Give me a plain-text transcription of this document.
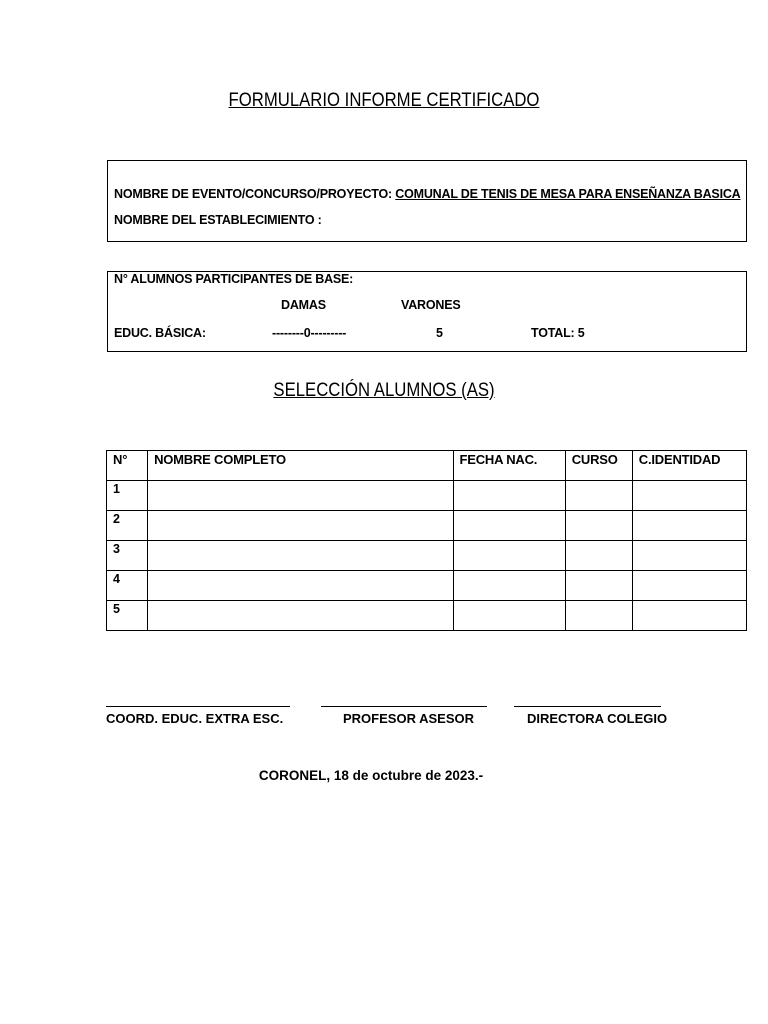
FORMULARIO INFORME CERTIFICADO
NOMBRE DE EVENTO/CONCURSO/PROYECTO: COMUNAL DE TENIS DE MESA PARA ENSEÑANZA BASICA
NOMBRE DEL ESTABLECIMIENTO :
N° ALUMNOS PARTICIPANTES DE BASE:
DAMAS	VARONES
EDUC. BÁSICA:	--------0---------	5	TOTAL: 5
SELECCIÓN ALUMNOS (AS)
N°	NOMBRE COMPLETO	FECHA NAC.	CURSO	C.IDENTIDAD
1				
2				
3				
4				
5				
COORD. EDUC. EXTRA ESC.	PROFESOR ASESOR	DIRECTORA COLEGIO
CORONEL, 18 de octubre de 2023.-
